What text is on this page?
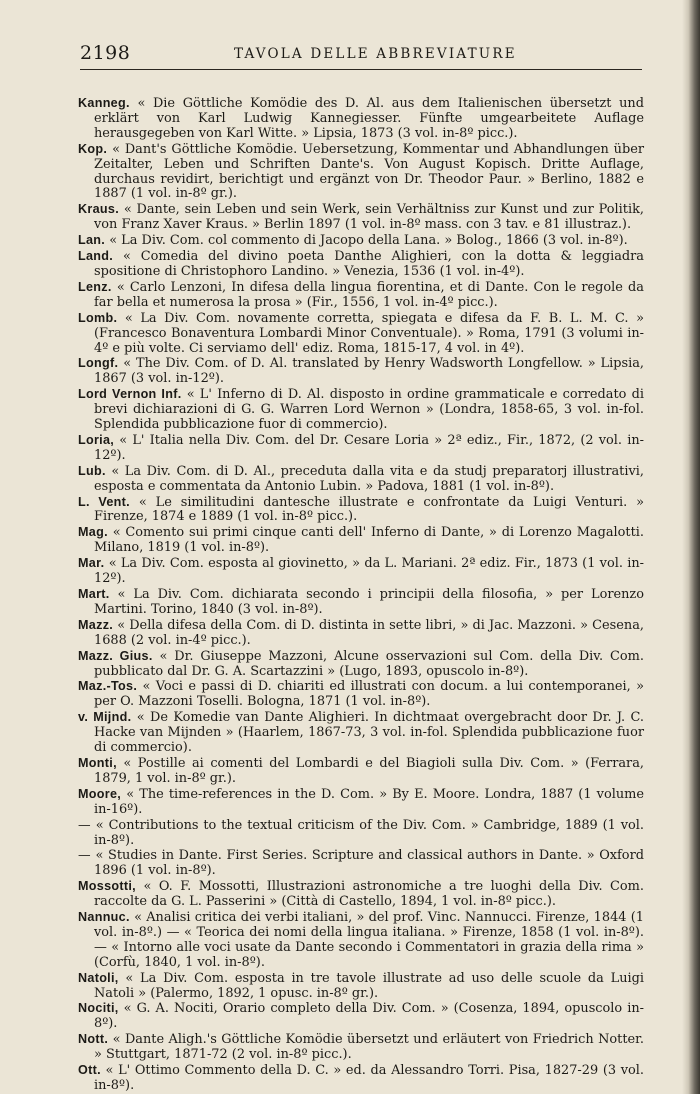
2198	TAVOLA DELLE ABBREVIATURE

Kanneg. « Die Göttliche Komödie des D. Al. aus dem Italienischen übersetzt und erklärt von Karl Ludwig Kannegiesser. Fünfte umgearbeitete Auflage herausgegeben von Karl Witte. » Lipsia, 1873 (3 vol. in-8º picc.).

Kop. « Dant's Göttliche Komödie. Uebersetzung, Kommentar und Abhandlungen über Zeitalter, Leben und Schriften Dante's. Von August Kopisch. Dritte Auflage, durchaus revidirt, berichtigt und ergänzt von Dr. Theodor Paur. » Berlino, 1882 e 1887 (1 vol. in-8º gr.).

Kraus. « Dante, sein Leben und sein Werk, sein Verhältniss zur Kunst und zur Politik, von Franz Xaver Kraus. » Berlin 1897 (1 vol. in-8º mass. con 3 tav. e 81 illustraz.).

Lan. « La Div. Com. col commento di Jacopo della Lana. » Bolog., 1866 (3 vol. in-8º).

Land. « Comedia del divino poeta Danthe Alighieri, con la dotta & leggiadra spositione di Christophoro Landino. » Venezia, 1536 (1 vol. in-4º).

Lenz. « Carlo Lenzoni, In difesa della lingua fiorentina, et di Dante. Con le regole da far bella et numerosa la prosa » (Fir., 1556, 1 vol. in-4º picc.).

Lomb. « La Div. Com. novamente corretta, spiegata e difesa da F. B. L. M. C. » (Francesco Bonaventura Lombardi Minor Conventuale). » Roma, 1791 (3 volumi in-4º e più volte. Ci serviamo dell' ediz. Roma, 1815-17, 4 vol. in 4º).

Longf. « The Div. Com. of D. Al. translated by Henry Wadsworth Longfellow. » Lipsia, 1867 (3 vol. in-12º).

Lord Vernon Inf. « L' Inferno di D. Al. disposto in ordine grammaticale e corredato di brevi dichiarazioni di G. G. Warren Lord Wernon » (Londra, 1858-65, 3 vol. in-fol. Splendida pubblicazione fuor di commercio).

Loria, « L' Italia nella Div. Com. del Dr. Cesare Loria » 2ª ediz., Fir., 1872, (2 vol. in-12º).

Lub. « La Div. Com. di D. Al., preceduta dalla vita e da studj preparatorj illustrativi, esposta e commentata da Antonio Lubin. » Padova, 1881 (1 vol. in-8º).

L. Vent. « Le similitudini dantesche illustrate e confrontate da Luigi Venturi. » Firenze, 1874 e 1889 (1 vol. in-8º picc.).

Mag. « Comento sui primi cinque canti dell' Inferno di Dante, » di Lorenzo Magalotti. Milano, 1819 (1 vol. in-8º).

Mar. « La Div. Com. esposta al giovinetto, » da L. Mariani. 2ª ediz. Fir., 1873 (1 vol. in-12º).

Mart. « La Div. Com. dichiarata secondo i principii della filosofia, » per Lorenzo Martini. Torino, 1840 (3 vol. in-8º).

Mazz. « Della difesa della Com. di D. distinta in sette libri, » di Jac. Mazzoni. » Cesena, 1688 (2 vol. in-4º picc.).

Mazz. Gius. « Dr. Giuseppe Mazzoni, Alcune osservazioni sul Com. della Div. Com. pubblicato dal Dr. G. A. Scartazzini » (Lugo, 1893, opuscolo in-8º).

Maz.-Tos. « Voci e passi di D. chiariti ed illustrati con docum. a lui contemporanei, » per O. Mazzoni Toselli. Bologna, 1871 (1 vol. in-8º).

v. Mijnd. « De Komedie van Dante Alighieri. In dichtmaat overgebracht door Dr. J. C. Hacke van Mijnden » (Haarlem, 1867-73, 3 vol. in-fol. Splendida pubblicazione fuor di commercio).

Monti, « Postille ai comenti del Lombardi e del Biagioli sulla Div. Com. » (Ferrara, 1879, 1 vol. in-8º gr.).

Moore, « The time-references in the D. Com. » By E. Moore. Londra, 1887 (1 volume in-16º).

— « Contributions to the textual criticism of the Div. Com. » Cambridge, 1889 (1 vol. in-8º).

— « Studies in Dante. First Series. Scripture and classical authors in Dante. » Oxford 1896 (1 vol. in-8º).

Mossotti, « O. F. Mossotti, Illustrazioni astronomiche a tre luoghi della Div. Com. raccolte da G. L. Passerini » (Città di Castello, 1894, 1 vol. in-8º picc.).

Nannuc. « Analisi critica dei verbi italiani, » del prof. Vinc. Nannucci. Firenze, 1844 (1 vol. in-8º.) — « Teorica dei nomi della lingua italiana. » Firenze, 1858 (1 vol. in-8º). — « Intorno alle voci usate da Dante secondo i Commentatori in grazia della rima » (Corfù, 1840, 1 vol. in-8º).

Natoli, « La Div. Com. esposta in tre tavole illustrate ad uso delle scuole da Luigi Natoli » (Palermo, 1892, 1 opusc. in-8º gr.).

Nociti, « G. A. Nociti, Orario completo della Div. Com. » (Cosenza, 1894, opuscolo in-8º).

Nott. « Dante Aligh.'s Göttliche Komödie übersetzt und erläutert von Friedrich Notter. » Stuttgart, 1871-72 (2 vol. in-8º picc.).

Ott. « L' Ottimo Commento della D. C. » ed. da Alessandro Torri. Pisa, 1827-29 (3 vol. in-8º).
